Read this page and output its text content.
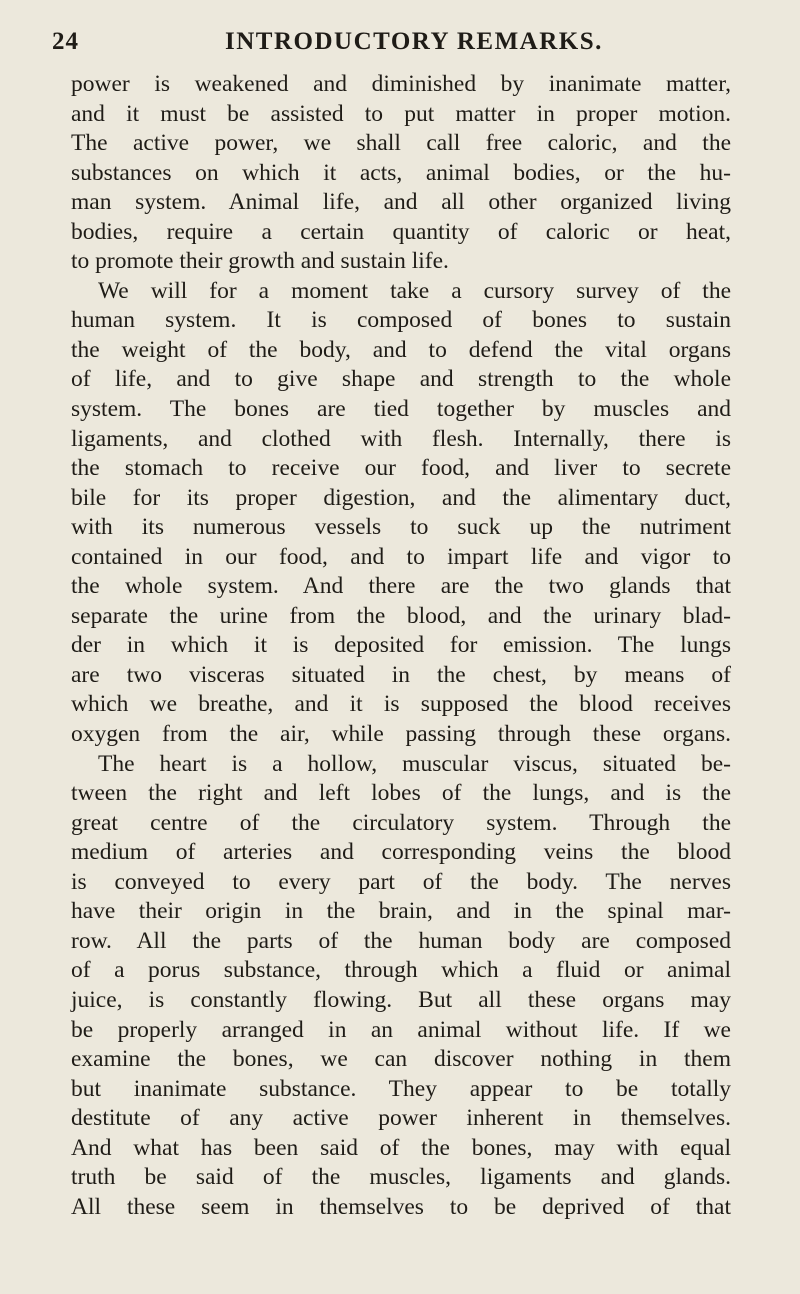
24	INTRODUCTORY REMARKS.
power is weakened and diminished by inanimate matter,
and it must be assisted to put matter in proper motion.
The active power, we shall call free caloric, and the
substances on which it acts, animal bodies, or the hu-
man system. Animal life, and all other organized living
bodies, require a certain quantity of caloric or heat,
to promote their growth and sustain life.
We will for a moment take a cursory survey of the
human system. It is composed of bones to sustain
the weight of the body, and to defend the vital organs
of life, and to give shape and strength to the whole
system. The bones are tied together by muscles and
ligaments, and clothed with flesh. Internally, there is
the stomach to receive our food, and liver to secrete
bile for its proper digestion, and the alimentary duct,
with its numerous vessels to suck up the nutriment
contained in our food, and to impart life and vigor to
the whole system. And there are the two glands that
separate the urine from the blood, and the urinary blad-
der in which it is deposited for emission. The lungs
are two visceras situated in the chest, by means of
which we breathe, and it is supposed the blood receives
oxygen from the air, while passing through these organs.
The heart is a hollow, muscular viscus, situated be-
tween the right and left lobes of the lungs, and is the
great centre of the circulatory system. Through the
medium of arteries and corresponding veins the blood
is conveyed to every part of the body. The nerves
have their origin in the brain, and in the spinal mar-
row. All the parts of the human body are composed
of a porus substance, through which a fluid or animal
juice, is constantly flowing. But all these organs may
be properly arranged in an animal without life. If we
examine the bones, we can discover nothing in them
but inanimate substance. They appear to be totally
destitute of any active power inherent in themselves.
And what has been said of the bones, may with equal
truth be said of the muscles, ligaments and glands.
All these seem in themselves to be deprived of that
